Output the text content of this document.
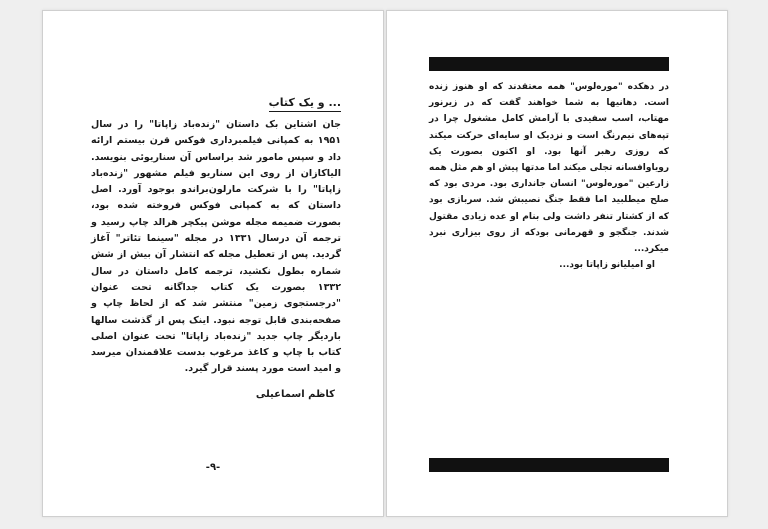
... و یک کتاب

جان اشتاین بک داستان "زنده‌باد زاپاتا" را در سال ۱۹۵۱ به کمپانی فیلمبرداری فوکس قرن بیستم ارائه داد و سپس مامور شد براساس آن سناریوئی بنویسد. الیاکازان از روی این سناریو فیلم مشهور "زنده‌باد زاپاتا" را با شرکت مارلون‌براندو بوجود آورد. اصل داستان که به کمپانی فوکس فروخته شده بود، بصورت ضمیمه مجله موشن پیکچر هرالد چاپ رسید و ترجمه آن درسال ۱۳۳۱ در مجله "سینما تئاتر" آغاز گردید. پس از تعطیل مجله که انتشار آن بیش از شش شماره بطول نکشید، ترجمه کامل داستان در سال ۱۳۳۲ بصورت یک کتاب جداگانه تحت عنوان "درجستجوی زمین" منتشر شد که از لحاظ چاپ و صفحه‌بندی قابل توجه نبود. اینک پس از گذشت سالها باردیگر چاپ جدید "زنده‌باد زاپاتا" تحت عنوان اصلی کتاب با چاپ و کاغذ مرغوب بدست علاقمندان میرسد و امید است مورد پسند قرار گیرد.

کاظم اسماعیلی
-۹-

در دهکده "موره‌لوس" همه معتقدند که او هنوز زنده است. دهانیها به شما خواهند گفت که در زیرنور مهتاب، اسب سفیدی با آرامش کامل مشغول چرا در تپه‌های نیم‌رنگ است و نزدیک او سایه‌ای حرکت میکند که روزی رهبر آنها بود. او اکنون بصورت یک رویاوافسانه تجلی میکند اما مدتها پیش او هم مثل همه زارعین "موره‌لوس" انسان جانداری بود. مردی بود که صلح میطلبید اما فقط جنگ نصیبش شد. سربازی بود که از کشتار تنفر داشت ولی بنام او عده زیادی مقتول شدند. جنگجو و قهرمانی بودکه از روی بیزاری نبرد میکرد...

او امیلیانو زاپاتا بود...
